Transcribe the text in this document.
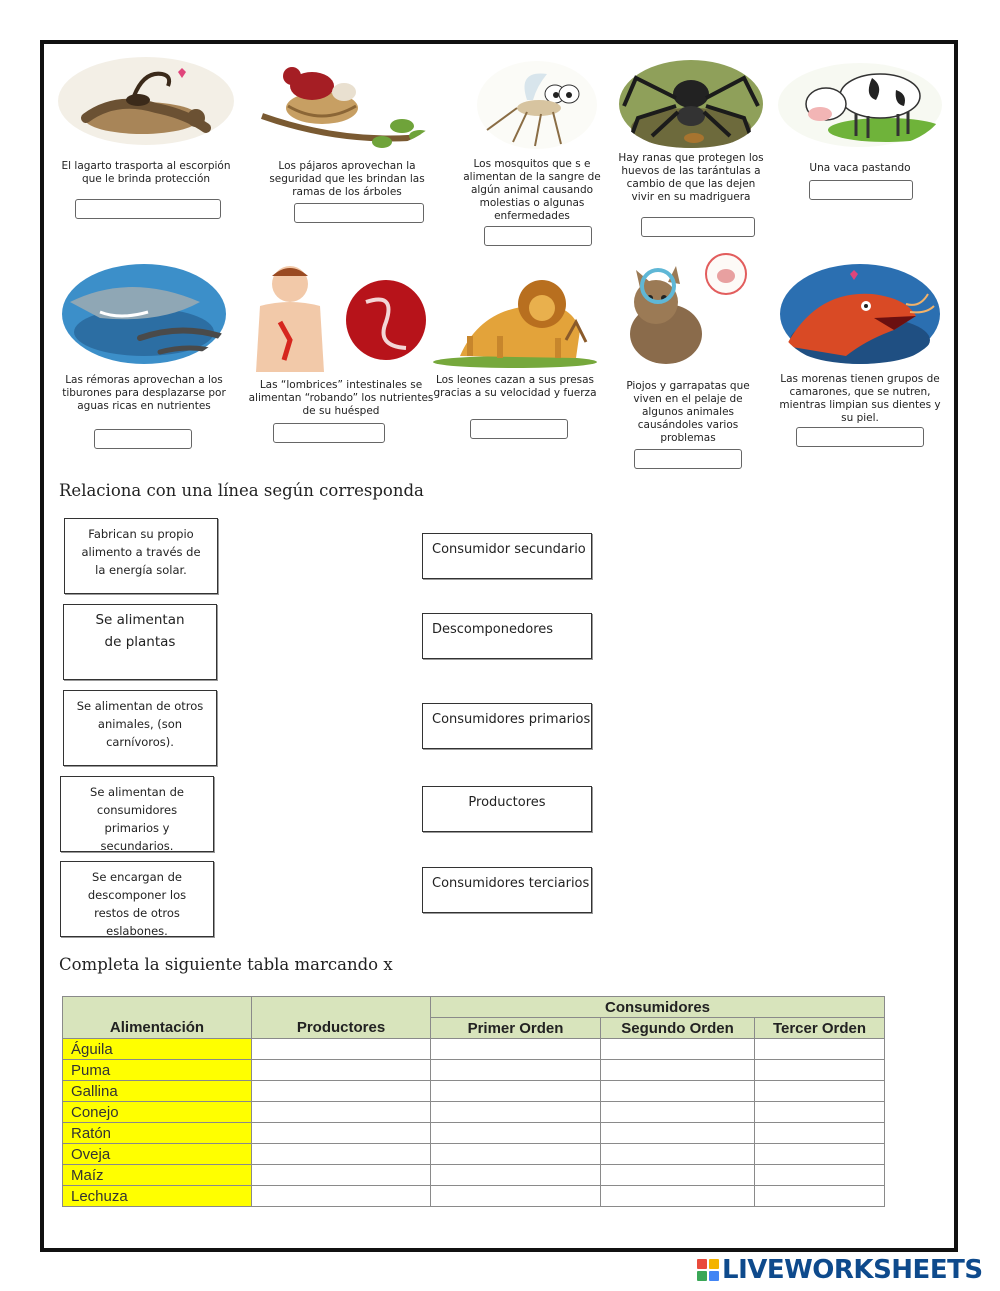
El lagarto trasporta al escorpión que le brinda protección
Los pájaros aprovechan la seguridad que les brindan las ramas de los árboles
Los mosquitos que s e alimentan de la sangre de algún animal causando molestias o algunas enfermedades
Hay ranas que protegen los huevos de las tarántulas a cambio de que las dejen vivir en su madriguera
Una vaca pastando
Las rémoras aprovechan a los tiburones para desplazarse por aguas ricas en nutrientes
Las “lombrices” intestinales se alimentan “robando” los nutrientes de su huésped
Los leones cazan a sus presas gracias a su velocidad y fuerza
Piojos y garrapatas que viven en el pelaje de algunos animales causándoles varios problemas
Las morenas tienen grupos de camarones, que se nutren, mientras limpian sus dientes y su piel.
Relaciona con una línea según corresponda
Fabrican su propio alimento a través de la energía solar.
Se alimentan de plantas
Se alimentan de otros animales, (son carnívoros).
Se alimentan de consumidores primarios y secundarios.
Se encargan de descomponer los restos de otros eslabones.
Consumidor secundario
Descomponedores
Consumidores primarios
Productores
Consumidores terciarios
Completa la siguiente tabla marcando x
Alimentación	Productores	Consumidores		
		Primer Orden	Segundo Orden	Tercer Orden
Águila				
Puma				
Gallina				
Conejo				
Ratón				
Oveja				
Maíz				
Lechuza				
LIVEWORKSHEETS
